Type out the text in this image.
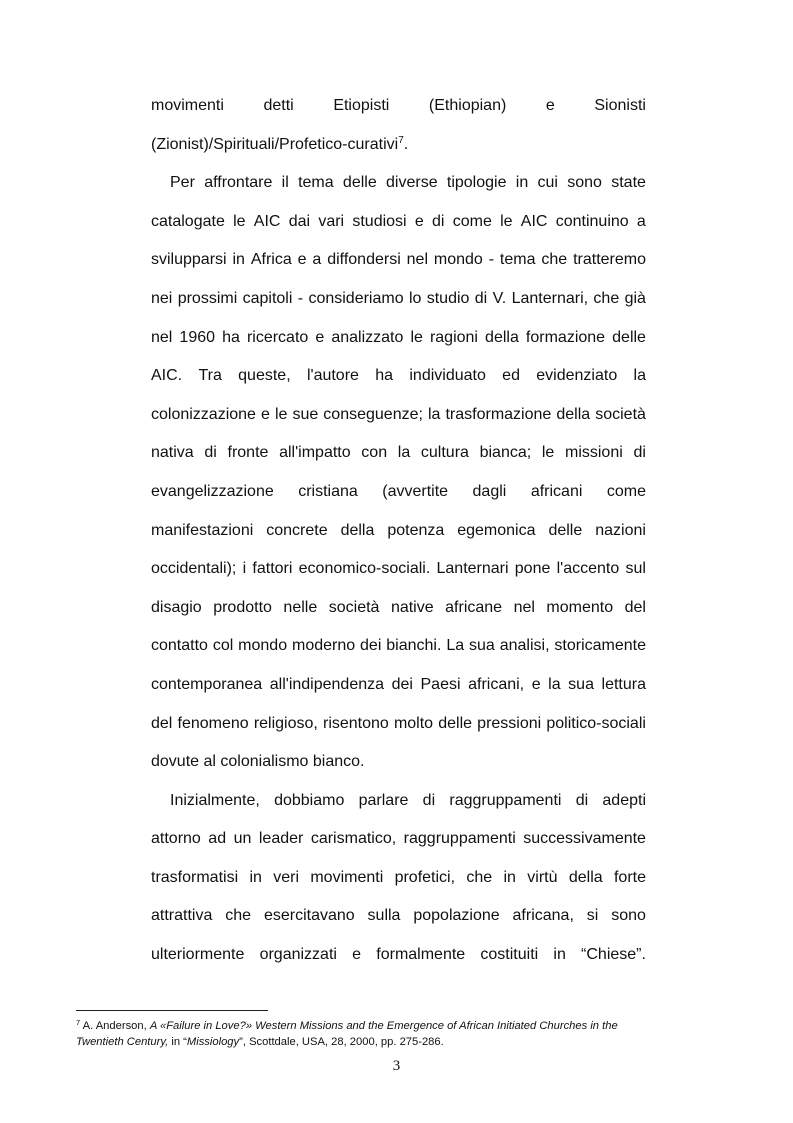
movimenti detti Etiopisti (Ethiopian) e Sionisti
(Zionist)/Spirituali/Profetico-curativi$^7$.
Per affrontare il tema delle diverse tipologie in cui sono state
catalogate le AIC dai vari studiosi e di come le AIC continuino a
svilupparsi in Africa e a diffondersi nel mondo - tema che tratteremo
nei prossimi capitoli - consideriamo lo studio di V. Lanternari, che già
nel 1960 ha ricercato e analizzato le ragioni della formazione delle
AIC. Tra queste, l'autore ha individuato ed evidenziato la
colonizzazione e le sue conseguenze; la trasformazione della società
nativa di fronte all'impatto con la cultura bianca; le missioni di
evangelizzazione cristiana (avvertite dagli africani come
manifestazioni concrete della potenza egemonica delle nazioni
occidentali); i fattori economico-sociali. Lanternari pone l'accento sul
disagio prodotto nelle società native africane nel momento del
contatto col mondo moderno dei bianchi. La sua analisi, storicamente
contemporanea all'indipendenza dei Paesi africani, e la sua lettura
del fenomeno religioso, risentono molto delle pressioni politico-sociali
dovute al colonialismo bianco.
Inizialmente, dobbiamo parlare di raggruppamenti di adepti
attorno ad un leader carismatico, raggruppamenti successivamente
trasformatisi in veri movimenti profetici, che in virtù della forte
attrattiva che esercitavano sulla popolazione africana, si sono
ulteriormente organizzati e formalmente costituiti in “Chiese”.
$^7$ A. Anderson, A «Failure in Love?» Western Missions and the Emergence of African Initiated Churches in the Twentieth Century, in “Missiology”, Scottdale, USA, 28, 2000, pp. 275-286.
3
